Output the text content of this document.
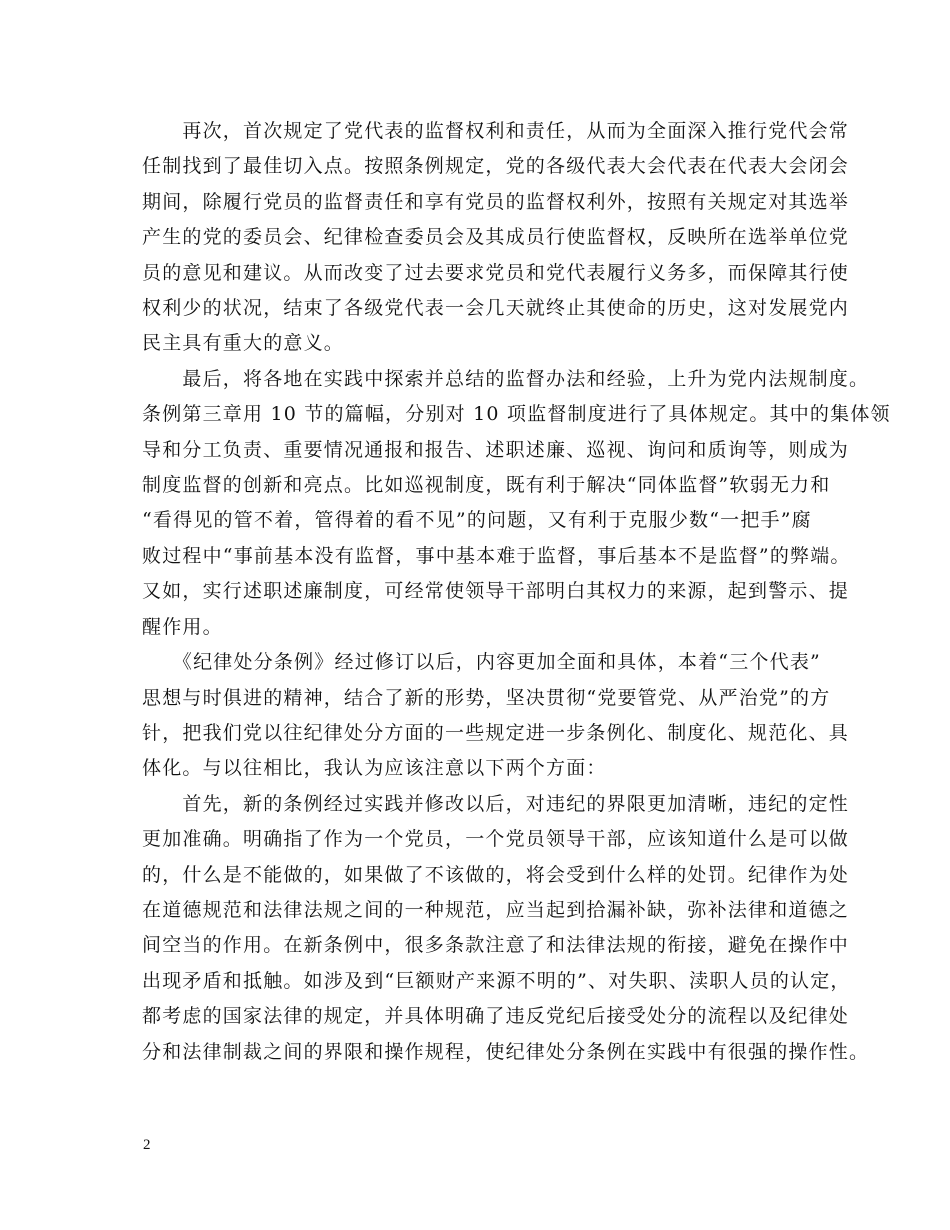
　　再次，首次规定了党代表的监督权利和责任，从而为全面深入推行党代会常
任制找到了最佳切入点。按照条例规定，党的各级代表大会代表在代表大会闭会
期间，除履行党员的监督责任和享有党员的监督权利外，按照有关规定对其选举
产生的党的委员会、纪律检查委员会及其成员行使监督权，反映所在选举单位党
员的意见和建议。从而改变了过去要求党员和党代表履行义务多，而保障其行使
权利少的状况，结束了各级党代表一会几天就终止其使命的历史，这对发展党内
民主具有重大的意义。

　　最后，将各地在实践中探索并总结的监督办法和经验，上升为党内法规制度。
条例第三章用 10 节的篇幅，分别对 10 项监督制度进行了具体规定。其中的集体领
导和分工负责、重要情况通报和报告、述职述廉、巡视、询问和质询等，则成为
制度监督的创新和亮点。比如巡视制度，既有利于解决“同体监督”软弱无力和
“看得见的管不着，管得着的看不见”的问题，又有利于克服少数“一把手”腐
败过程中“事前基本没有监督，事中基本难于监督，事后基本不是监督”的弊端。
又如，实行述职述廉制度，可经常使领导干部明白其权力的来源，起到警示、提
醒作用。

　　《纪律处分条例》经过修订以后，内容更加全面和具体，本着“三个代表”
思想与时俱进的精神，结合了新的形势，坚决贯彻“党要管党、从严治党”的方
针，把我们党以往纪律处分方面的一些规定进一步条例化、制度化、规范化、具
体化。与以往相比，我认为应该注意以下两个方面：

　　首先，新的条例经过实践并修改以后，对违纪的界限更加清晰，违纪的定性
更加准确。明确指了作为一个党员，一个党员领导干部，应该知道什么是可以做
的，什么是不能做的，如果做了不该做的，将会受到什么样的处罚。纪律作为处
在道德规范和法律法规之间的一种规范，应当起到拾漏补缺，弥补法律和道德之
间空当的作用。在新条例中，很多条款注意了和法律法规的衔接，避免在操作中
出现矛盾和抵触。如涉及到“巨额财产来源不明的”、对失职、渎职人员的认定，
都考虑的国家法律的规定，并具体明确了违反党纪后接受处分的流程以及纪律处
分和法律制裁之间的界限和操作规程，使纪律处分条例在实践中有很强的操作性。

2
